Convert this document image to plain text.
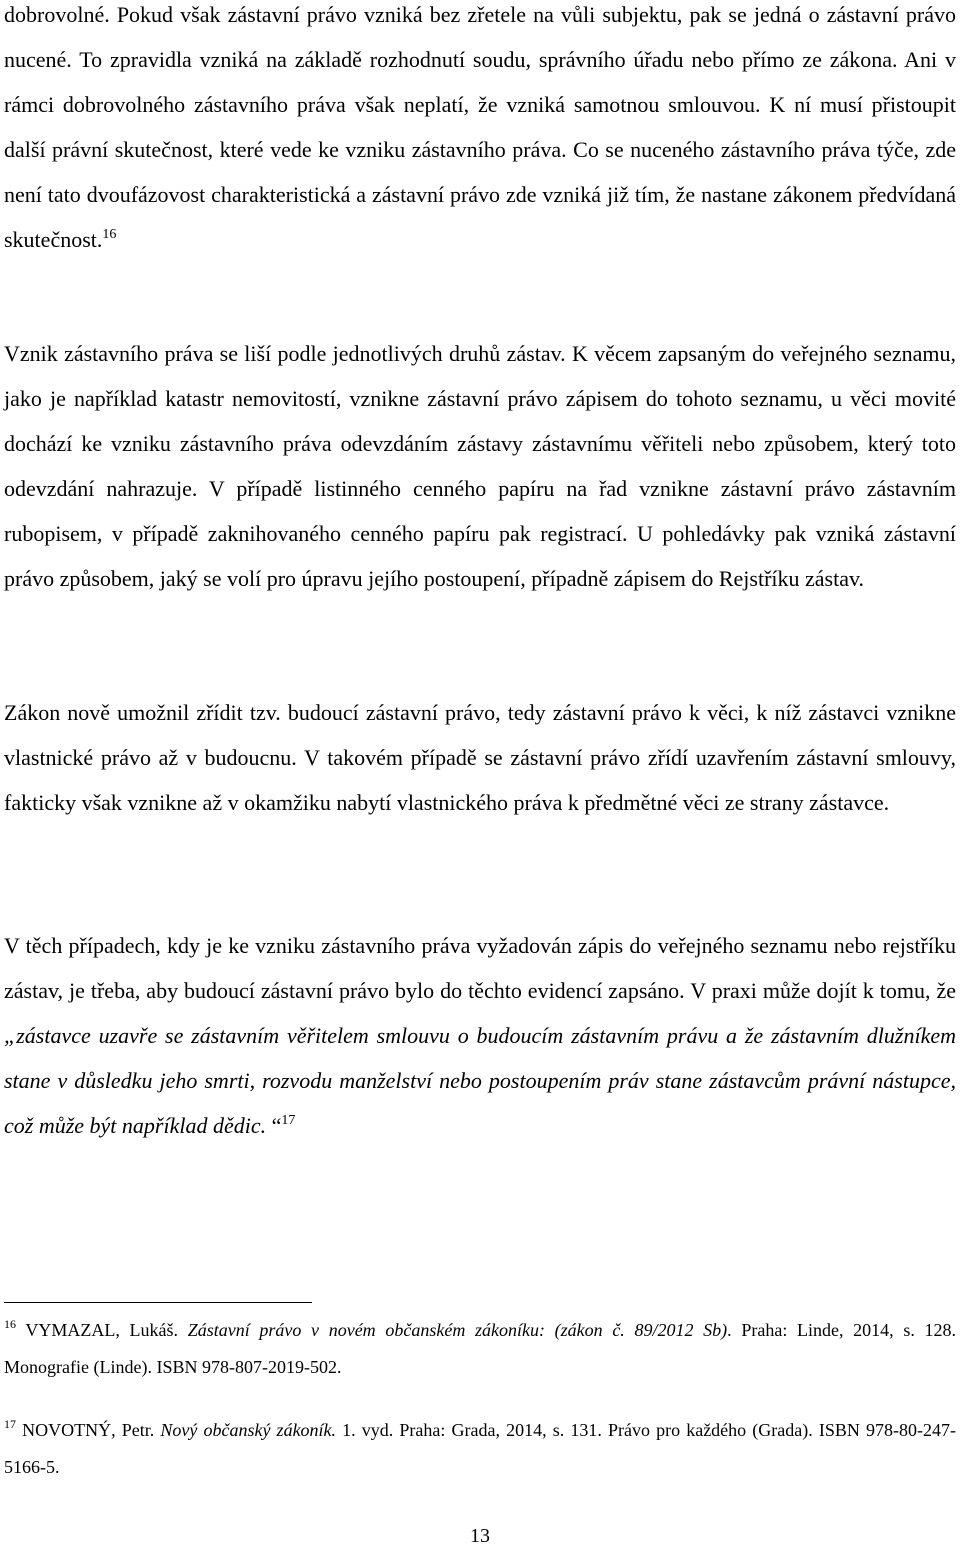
dobrovolné. Pokud však zástavní právo vzniká bez zřetele na vůli subjektu, pak se jedná o zástavní právo nucené. To zpravidla vzniká na základě rozhodnutí soudu, správního úřadu nebo přímo ze zákona. Ani v rámci dobrovolného zástavního práva však neplatí, že vzniká samotnou smlouvou. K ní musí přistoupit další právní skutečnost, které vede ke vzniku zástavního práva. Co se nuceného zástavního práva týče, zde není tato dvoufázovost charakteristická a zástavní právo zde vzniká již tím, že nastane zákonem předvídaná skutečnost.$^{16}$

Vznik zástavního práva se liší podle jednotlivých druhů zástav. K věcem zapsaným do veřejného seznamu, jako je například katastr nemovitostí, vznikne zástavní právo zápisem do tohoto seznamu, u věci movité dochází ke vzniku zástavního práva odevzdáním zástavy zástavnímu věřiteli nebo způsobem, který toto odevzdání nahrazuje. V případě listinného cenného papíru na řad vznikne zástavní právo zástavním rubopisem, v případě zaknihovaného cenného papíru pak registrací. U pohledávky pak vzniká zástavní právo způsobem, jaký se volí pro úpravu jejího postoupení, případně zápisem do Rejstříku zástav.

Zákon nově umožnil zřídit tzv. budoucí zástavní právo, tedy zástavní právo k věci, k níž zástavci vznikne vlastnické právo až v budoucnu. V takovém případě se zástavní právo zřídí uzavřením zástavní smlouvy, fakticky však vznikne až v okamžiku nabytí vlastnického práva k předmětné věci ze strany zástavce.

V těch případech, kdy je ke vzniku zástavního práva vyžadován zápis do veřejného seznamu nebo rejstříku zástav, je třeba, aby budoucí zástavní právo bylo do těchto evidencí zapsáno. V praxi může dojít k tomu, že „zástavce uzavře se zástavním věřitelem smlouvu o budoucím zástavním právu a že zástavním dlužníkem stane v důsledku jeho smrti, rozvodu manželství nebo postoupením práv stane zástavcům právní nástupce, což může být například dědic. “$^{17}$

$^{16}$ VYMAZAL, Lukáš. Zástavní právo v novém občanském zákoníku: (zákon č. 89/2012 Sb). Praha: Linde, 2014, s. 128. Monografie (Linde). ISBN 978-807-2019-502.

$^{17}$ NOVOTNÝ, Petr. Nový občanský zákoník. 1. vyd. Praha: Grada, 2014, s. 131. Právo pro každého (Grada). ISBN 978-80-247-5166-5.

13
